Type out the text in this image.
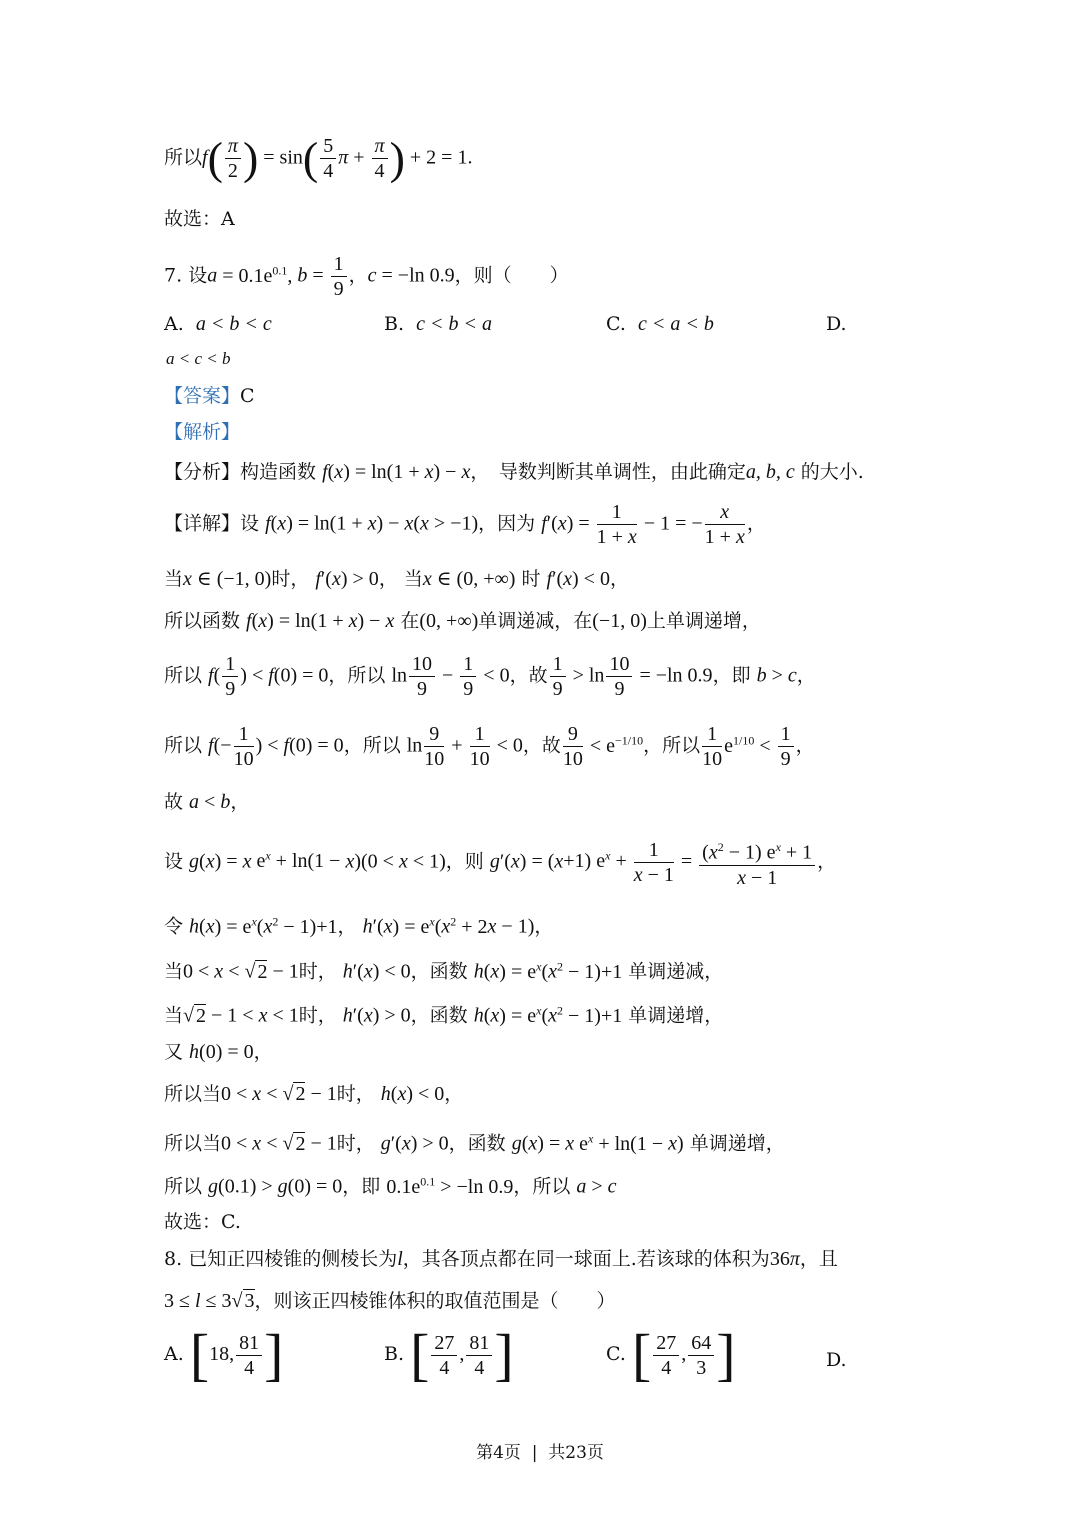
所以$f( \frac{\pi}{2}$ ) = $\sin( \frac{5}{4}$ $\pi + \frac{\pi}{4}$ ) + 2 = 1.
故选：A
7. 设$a = 0.1e^{0.1}$, $b = \frac{1}{9}$ ，c = −ln 0.9，则（　　）
A. a < b < c	B. c < b < a	C. c < a < b	D.
a < c < b
【答案】C
【解析】
【分析】构造函数 f(x) = ln(1 + x) − x，　导数判断其单调性，由此确定a, b, c 的大小.
【详解】设 f(x) = ln(1 + x) − x(x > −1)，因为 $f'(x) = \frac{1}{1 + x} - 1$ = − $\frac{x}{1 + x}$ ，
当x ∈ (−1, 0)时， f′(x) > 0， 当x ∈ (0, +∞) 时 f′(x) < 0，
所以函数 f(x) = ln(1 + x) − x 在(0, +∞)单调递减，在(−1, 0)上单调递增，
所以 $f( \frac{1}{9}$ ) < f(0) = 0，所以 $\ln \frac{10}{9} - \frac{1}{9} < 0$，故 $\frac{1}{9} > \ln \frac{10}{9} = -\ln$ 0.9，即 b > c，
所以 $f(- \frac{1}{10}$ ) < f(0) = 0，所以 $\ln \frac{9}{10} + \frac{1}{10} < 0$，故 $\frac{9}{10} < e^{-1/10}$，所以 $\frac{1}{10} e^{1/10} < \frac{1}{9}$ ，
故 a < b，
设 g(x) = x $e^x + \ln(1 - x)(0 < x < 1)$，则 g′(x) = (x+1) $e^x + \frac{1}{x - 1} = \frac{(x^2 - 1) e^x + 1}{x - 1}$ ，
令 $h(x) = e^x(x^2 - 1)+1$， $h'(x) = e^x(x^2 + 2x - 1)$，
当0 < x < √ 2 − 1时， h′(x) < 0，函数 $h(x) = e^x(x^2 - 1)+1$ 单调递减，
当√ 2 − 1 < x < 1时， h′(x) > 0，函数 $h(x) = e^x(x^2 - 1)+1$ 单调递增，
又 h(0) = 0，
所以当0 < x < √ 2 − 1时， h(x) < 0，
所以当0 < x < √ 2 − 1时， g′(x) > 0，函数 g(x) = x $e^x + \ln(1 - x)$ 单调递增，
所以 g(0.1) > g(0) = 0，即 $0.1e^{0.1} > -\ln$ 0.9，所以 a > c
故选：C.
8. 已知正四棱锥的侧棱长为l，其各顶点都在同一球面上.若该球的体积为36π，且
3 ≤ l ≤ 3√ 3，则该正四棱锥体积的取值范围是（　　）
A. [18, $\frac{81}{4}$ ]	B. [ $\frac{27}{4}$ , $\frac{81}{4}$ ]	C. [ $\frac{27}{4}$ , $\frac{64}{3}$ ]	D.
第4页 | 共23页
